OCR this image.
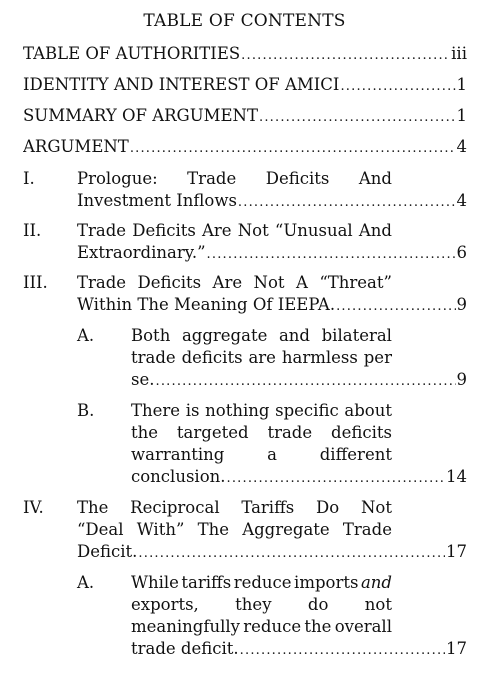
TABLE OF CONTENTS
TABLE OF AUTHORITIES .....	iii
IDENTITY AND INTEREST OF AMICI .....	1
SUMMARY OF ARGUMENT .....	1
ARGUMENT .....	4
I.	Prologue: Trade Deficits And
Investment Inflows .....	4
II. Trade Deficits Are Not “Unusual And
Extraordinary.” .....	6
III. Trade Deficits Are Not A “Threat”
Within The Meaning Of IEEPA. .....	9
A. Both aggregate and bilateral
trade deficits are harmless per
se. .....	9
B. There is nothing specific about
the targeted trade deficits
warranting	a	different
conclusion. .....	14
IV. The Reciprocal Tariffs Do Not
“Deal With” The Aggregate Trade
Deficit. .....	17
A. While tariffs reduce imports and
exports, they do not
meaningfully reduce the overall
trade deficit. .....	17
